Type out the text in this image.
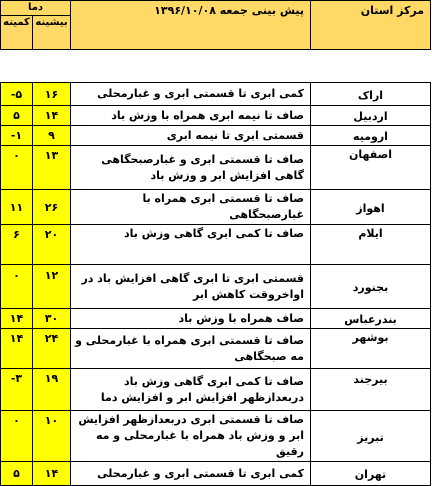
دما		پیش بینی جمعه ۱۳۹۶/۱۰/۰۸	مرکز استان
کمینه	بیشینه		
-۵	۱۶	کمی ابری تا قسمتی ابری و غبارمحلی	اراک
۵	۱۴	صاف تا نیمه ابری همراه با وزش باد	اردبیل
-۱	۹	قسمتی ابری تا نیمه ابری	ارومیه
۰	۱۳	صاف تا قسمتی ابری و غبارصبحگاهی گاهی افزایش ابر و وزش باد	اصفهان
۱۱	۲۶	صاف تا قسمتی ابری همراه با غبارصبحگاهی	اهواز
۶	۲۰	صاف تا کمی ابری گاهی وزش باد	ایلام
۰	۱۲	قسمتی ابری تا ابری گاهی افزایش باد در اواخروقت کاهش ابر	بجنورد
۱۴	۳۰	صاف همراه با وزش باد	بندرعباس
۱۴	۲۴	صاف تا قسمتی ابری همراه با غبارمحلی و مه صبحگاهی	بوشهر
-۳	۱۹	صاف تا کمی ابری گاهی وزش باد دربعدازظهر افزایش ابر و افزایش دما	بیرجند
۰	۱۰	صاف تا قسمتی ابری دربعدازظهر افزایش ابر و وزش باد همراه با غبارمحلی و مه رقیق	تبریز
۵	۱۴	کمی ابری تا قسمتی ابری و غبارمحلی	تهران
